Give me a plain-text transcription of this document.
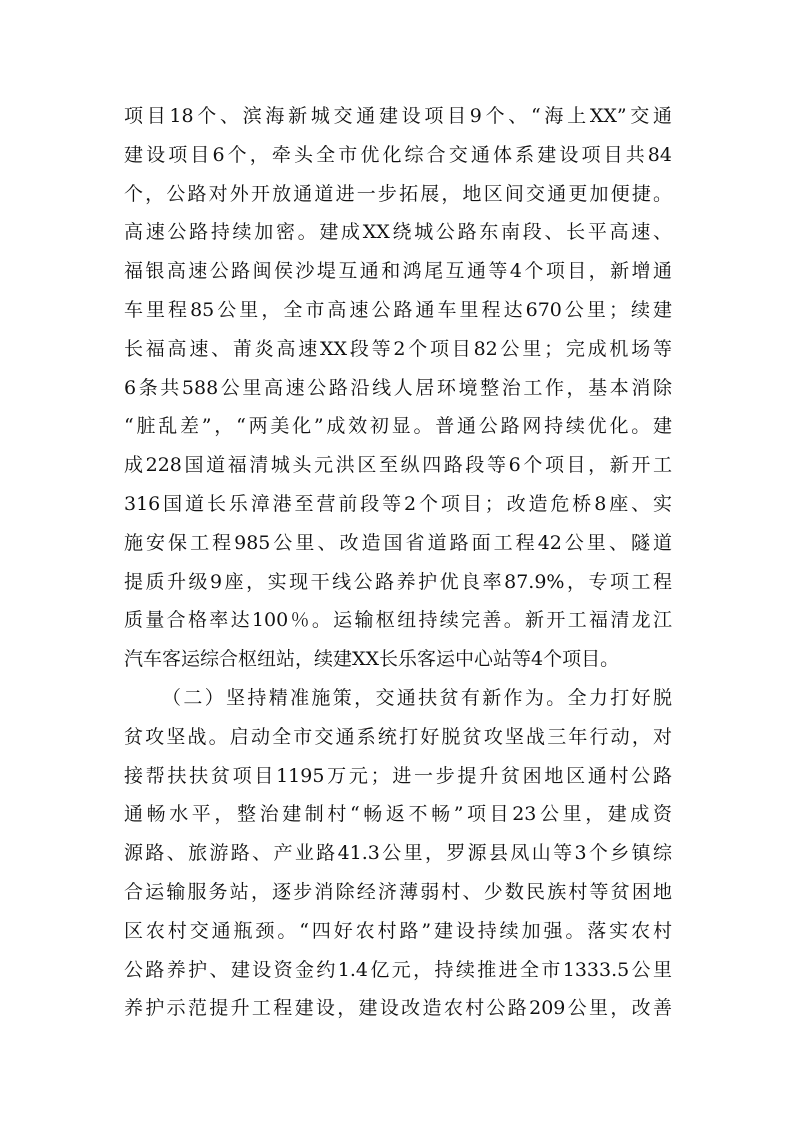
项目18个、滨海新城交通建设项目9个、“海上XX”交通
建设项目6个，牵头全市优化综合交通体系建设项目共84
个，公路对外开放通道进一步拓展，地区间交通更加便捷。
高速公路持续加密。建成XX绕城公路东南段、长平高速、
福银高速公路闽侯沙堤互通和鸿尾互通等4个项目，新增通
车里程85公里，全市高速公路通车里程达670公里；续建
长福高速、莆炎高速XX段等2个项目82公里；完成机场等
6条共588公里高速公路沿线人居环境整治工作，基本消除
“脏乱差”，“两美化”成效初显。普通公路网持续优化。建
成228国道福清城头元洪区至纵四路段等6个项目，新开工
316国道长乐漳港至营前段等2个项目；改造危桥8座、实
施安保工程985公里、改造国省道路面工程42公里、隧道
提质升级9座，实现干线公路养护优良率87.9%，专项工程
质量合格率达100％。运输枢纽持续完善。新开工福清龙江
汽车客运综合枢纽站，续建XX长乐客运中心站等4个项目。
（二）坚持精准施策，交通扶贫有新作为。全力打好脱
贫攻坚战。启动全市交通系统打好脱贫攻坚战三年行动，对
接帮扶扶贫项目1195万元；进一步提升贫困地区通村公路
通畅水平，整治建制村“畅返不畅”项目23公里，建成资
源路、旅游路、产业路41.3公里，罗源县凤山等3个乡镇综
合运输服务站，逐步消除经济薄弱村、少数民族村等贫困地
区农村交通瓶颈。“四好农村路”建设持续加强。落实农村
公路养护、建设资金约1.4亿元，持续推进全市1333.5公里
养护示范提升工程建设，建设改造农村公路209公里，改善
